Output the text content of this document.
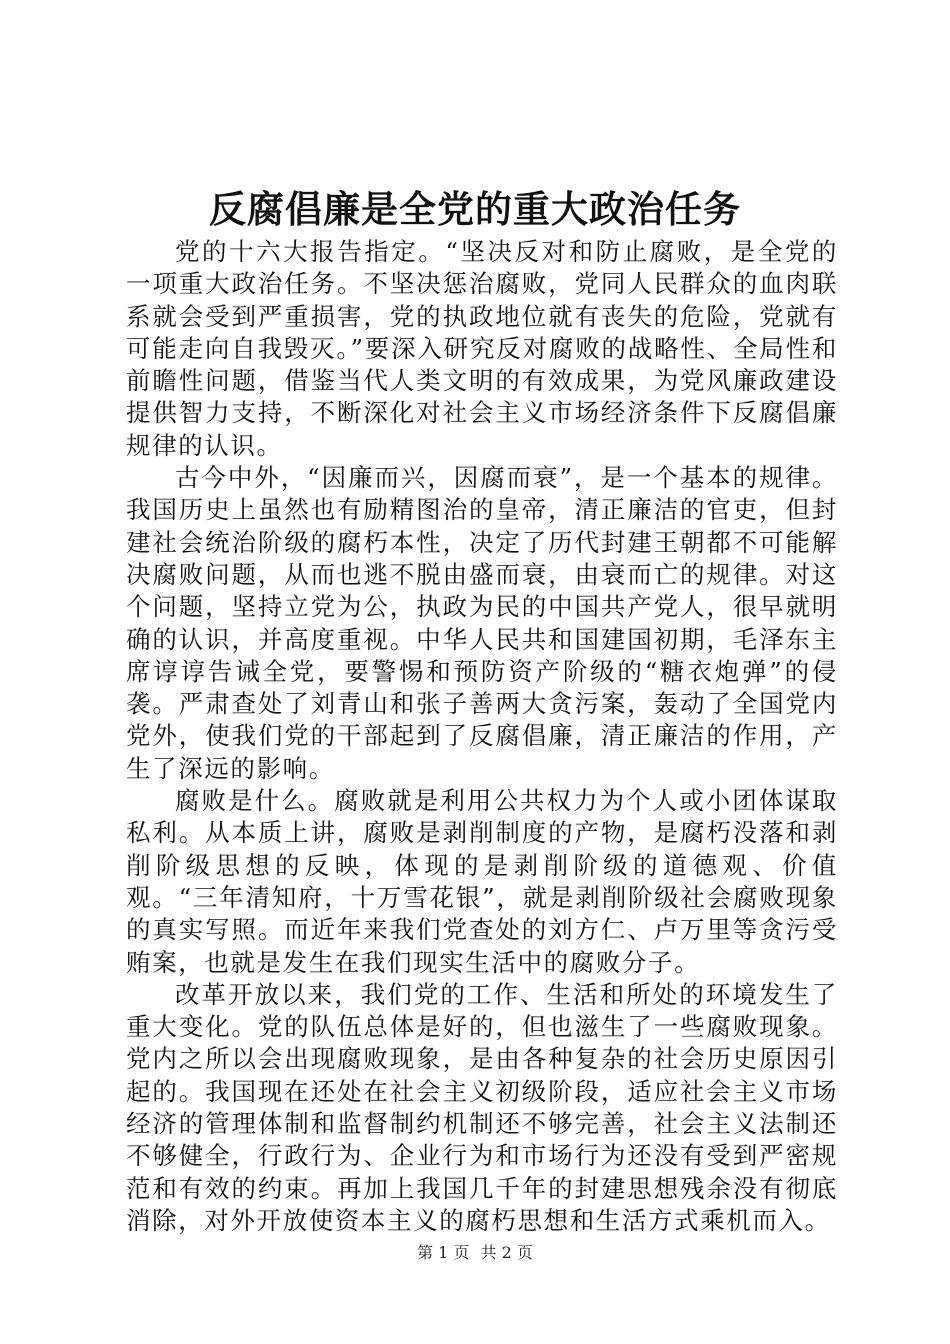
反腐倡廉是全党的重大政治任务

党的十六大报告指定。“坚决反对和防止腐败，是全党的一项重大政治任务。不坚决惩治腐败，党同人民群众的血肉联系就会受到严重损害，党的执政地位就有丧失的危险，党就有可能走向自我毁灭。”要深入研究反对腐败的战略性、全局性和前瞻性问题，借鉴当代人类文明的有效成果，为党风廉政建设提供智力支持，不断深化对社会主义市场经济条件下反腐倡廉规律的认识。

古今中外，“因廉而兴，因腐而衰”，是一个基本的规律。我国历史上虽然也有励精图治的皇帝，清正廉洁的官吏，但封建社会统治阶级的腐朽本性，决定了历代封建王朝都不可能解决腐败问题，从而也逃不脱由盛而衰，由衰而亡的规律。对这个问题，坚持立党为公，执政为民的中国共产党人，很早就明确的认识，并高度重视。中华人民共和国建国初期，毛泽东主席谆谆告诫全党，要警惕和预防资产阶级的“糖衣炮弹”的侵袭。严肃查处了刘青山和张子善两大贪污案，轰动了全国党内党外，使我们党的干部起到了反腐倡廉，清正廉洁的作用，产生了深远的影响。

腐败是什么。腐败就是利用公共权力为个人或小团体谋取私利。从本质上讲，腐败是剥削制度的产物，是腐朽没落和剥削阶级思想的反映，体现的是剥削阶级的道德观、价值观。“三年清知府，十万雪花银”，就是剥削阶级社会腐败现象的真实写照。而近年来我们党查处的刘方仁、卢万里等贪污受贿案，也就是发生在我们现实生活中的腐败分子。

改革开放以来，我们党的工作、生活和所处的环境发生了重大变化。党的队伍总体是好的，但也滋生了一些腐败现象。党内之所以会出现腐败现象，是由各种复杂的社会历史原因引起的。我国现在还处在社会主义初级阶段，适应社会主义市场经济的管理体制和监督制约机制还不够完善，社会主义法制还不够健全，行政行为、企业行为和市场行为还没有受到严密规范和有效的约束。再加上我国几千年的封建思想残余没有彻底消除，对外开放使资本主义的腐朽思想和生活方式乘机而入。

第 1 页 共 2 页
